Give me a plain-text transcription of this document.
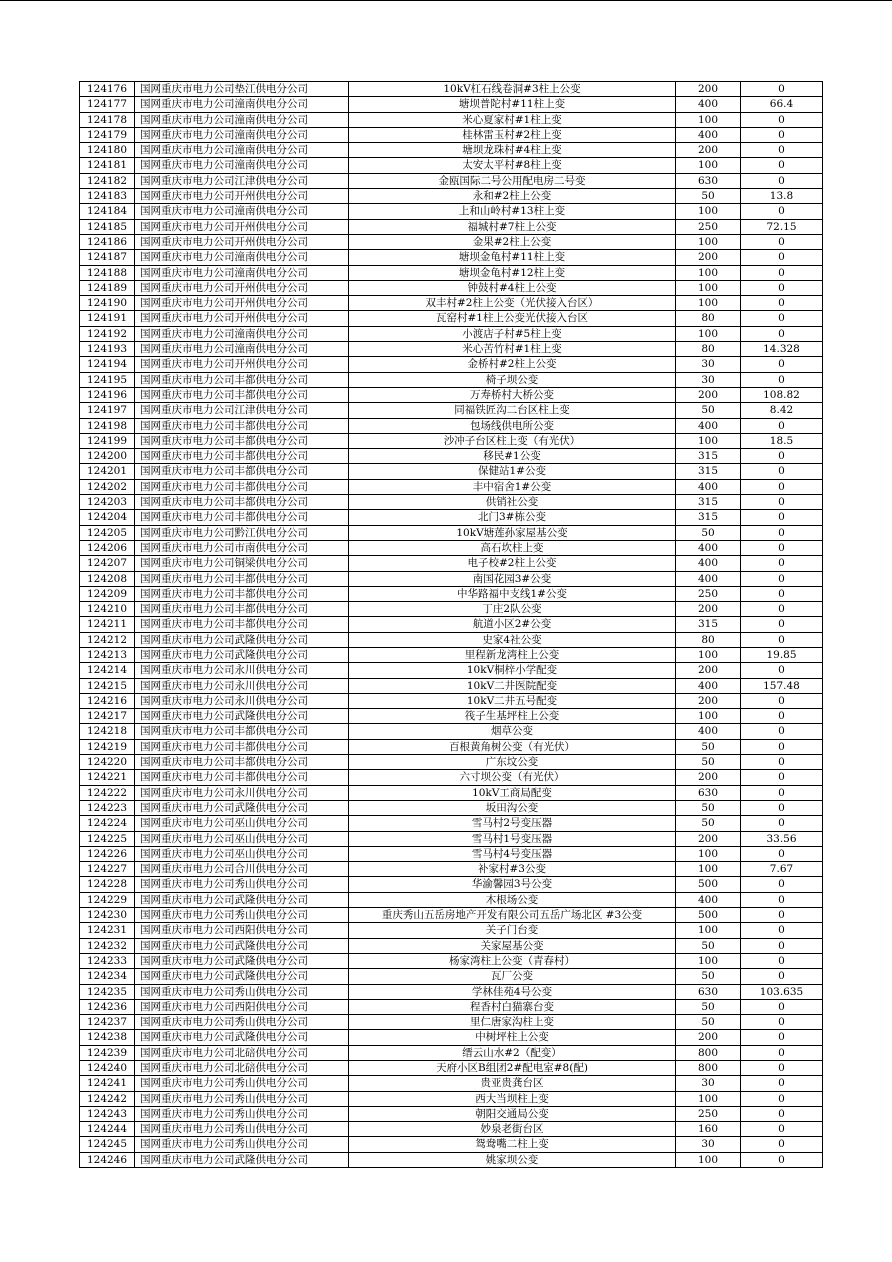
124176	国网重庆市电力公司垫江供电分公司	10kV杠石线卷洞#3柱上公变	200	0
124177	国网重庆市电力公司潼南供电分公司	塘坝普陀村#11柱上变	400	66.4
124178	国网重庆市电力公司潼南供电分公司	米心夏家村#1柱上变	100	0
124179	国网重庆市电力公司潼南供电分公司	桂林雷玉村#2柱上变	400	0
124180	国网重庆市电力公司潼南供电分公司	塘坝龙珠村#4柱上变	200	0
124181	国网重庆市电力公司潼南供电分公司	太安太平村#8柱上变	100	0
124182	国网重庆市电力公司江津供电分公司	金瓯国际二号公用配电房二号变	630	0
124183	国网重庆市电力公司开州供电分公司	永和#2柱上公变	50	13.8
124184	国网重庆市电力公司潼南供电分公司	上和山岭村#13柱上变	100	0
124185	国网重庆市电力公司开州供电分公司	福城村#7柱上公变	250	72.15
124186	国网重庆市电力公司开州供电分公司	金果#2柱上公变	100	0
124187	国网重庆市电力公司潼南供电分公司	塘坝金龟村#11柱上变	200	0
124188	国网重庆市电力公司潼南供电分公司	塘坝金龟村#12柱上变	100	0
124189	国网重庆市电力公司开州供电分公司	钟鼓村#4柱上公变	100	0
124190	国网重庆市电力公司开州供电分公司	双丰村#2柱上公变（光伏接入台区）	100	0
124191	国网重庆市电力公司开州供电分公司	瓦窑村#1柱上公变光伏接入台区	80	0
124192	国网重庆市电力公司潼南供电分公司	小渡店子村#5柱上变	100	0
124193	国网重庆市电力公司潼南供电分公司	米心苦竹村#1柱上变	80	14.328
124194	国网重庆市电力公司开州供电分公司	金桥村#2柱上公变	30	0
124195	国网重庆市电力公司丰都供电分公司	椅子坝公变	30	0
124196	国网重庆市电力公司丰都供电分公司	万寿桥村大桥公变	200	108.82
124197	国网重庆市电力公司江津供电分公司	同福铁匠沟二台区柱上变	50	8.42
124198	国网重庆市电力公司丰都供电分公司	包场线供电所公变	400	0
124199	国网重庆市电力公司丰都供电分公司	沙冲子台区柱上变（有光伏）	100	18.5
124200	国网重庆市电力公司丰都供电分公司	移民#1公变	315	0
124201	国网重庆市电力公司丰都供电分公司	保健站1#公变	315	0
124202	国网重庆市电力公司丰都供电分公司	丰中宿舍1#公变	400	0
124203	国网重庆市电力公司丰都供电分公司	供销社公变	315	0
124204	国网重庆市电力公司丰都供电分公司	北门3#栋公变	315	0
124205	国网重庆市电力公司黔江供电分公司	10kV塘莲孙家屋基公变	50	0
124206	国网重庆市电力公司市南供电分公司	高石坎柱上变	400	0
124207	国网重庆市电力公司铜梁供电分公司	电子校#2柱上公变	400	0
124208	国网重庆市电力公司丰都供电分公司	南国花园3#公变	400	0
124209	国网重庆市电力公司丰都供电分公司	中华路福中支线1#公变	250	0
124210	国网重庆市电力公司丰都供电分公司	丁庄2队公变	200	0
124211	国网重庆市电力公司丰都供电分公司	航道小区2#公变	315	0
124212	国网重庆市电力公司武隆供电分公司	史家4社公变	80	0
124213	国网重庆市电力公司武隆供电分公司	里程新龙湾柱上公变	100	19.85
124214	国网重庆市电力公司永川供电分公司	10kV桐梓小学配变	200	0
124215	国网重庆市电力公司永川供电分公司	10kV二井医院配变	400	157.48
124216	国网重庆市电力公司永川供电分公司	10kV二井五号配变	200	0
124217	国网重庆市电力公司武隆供电分公司	筏子生基坪柱上公变	100	0
124218	国网重庆市电力公司丰都供电分公司	烟草公变	400	0
124219	国网重庆市电力公司丰都供电分公司	百根黄角树公变（有光伏）	50	0
124220	国网重庆市电力公司丰都供电分公司	广东坟公变	50	0
124221	国网重庆市电力公司丰都供电分公司	六寸坝公变（有光伏）	200	0
124222	国网重庆市电力公司永川供电分公司	10kV工商局配变	630	0
124223	国网重庆市电力公司武隆供电分公司	坂田沟公变	50	0
124224	国网重庆市电力公司巫山供电分公司	雪马村2号变压器	50	0
124225	国网重庆市电力公司巫山供电分公司	雪马村1号变压器	200	33.56
124226	国网重庆市电力公司巫山供电分公司	雪马村4号变压器	100	0
124227	国网重庆市电力公司合川供电分公司	补家村#3公变	100	7.67
124228	国网重庆市电力公司秀山供电分公司	华渝馨园3号公变	500	0
124229	国网重庆市电力公司武隆供电分公司	木根场公变	400	0
124230	国网重庆市电力公司秀山供电分公司	重庆秀山五岳房地产开发有限公司五岳广场北区 #3公变	500	0
124231	国网重庆市电力公司西阳供电分公司	关子门台变	100	0
124232	国网重庆市电力公司武隆供电分公司	关家屋基公变	50	0
124233	国网重庆市电力公司武隆供电分公司	杨家湾柱上公变（青春村）	100	0
124234	国网重庆市电力公司武隆供电分公司	瓦厂公变	50	0
124235	国网重庆市电力公司秀山供电分公司	学林佳苑4号公变	630	103.635
124236	国网重庆市电力公司西阳供电分公司	程香村白猫寨台变	50	0
124237	国网重庆市电力公司秀山供电分公司	里仁唐家沟柱上变	50	0
124238	国网重庆市电力公司武隆供电分公司	中树坪柱上公变	200	0
124239	国网重庆市电力公司北碚供电分公司	缙云山水#2（配变）	800	0
124240	国网重庆市电力公司北碚供电分公司	天府小区B组团2#配电室#8(配)	800	0
124241	国网重庆市电力公司秀山供电分公司	贵亚贵龚台区	30	0
124242	国网重庆市电力公司秀山供电分公司	西大当坝柱上变	100	0
124243	国网重庆市电力公司秀山供电分公司	朝阳交通局公变	250	0
124244	国网重庆市电力公司秀山供电分公司	妙泉老街台区	160	0
124245	国网重庆市电力公司秀山供电分公司	鸳鸯嘴二柱上变	30	0
124246	国网重庆市电力公司武隆供电分公司	姚家坝公变	100	0
